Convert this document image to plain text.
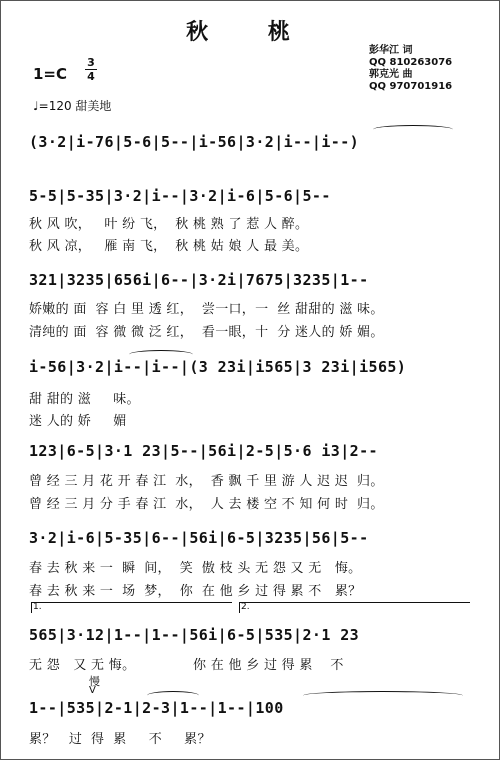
秋 桃
彭华江 词
QQ 810263076
郭克光 曲
QQ 970701916
1=C
3
4
♩=120 甜美地
(3·2|i-76|5-6|5--|i-56|3·2|i--|i--)
5-5|5-35|3·2|i--|3·2|i-6|5-6|5--
秋 风 吹，   叶 纷 飞，  秋 桃 熟 了 惹 人 醉。
秋 风 凉，   雁 南 飞，  秋 桃 姑 娘 人 最 美。
321|3235|656i|6--|3·2i|7675|3235|1--
娇嫩的 面  容 白 里 透 红，  尝一口，一  丝 甜甜的 滋 味。
清纯的 面  容 微 微 泛 红，  看一眼，十  分 迷人的 娇 媚。
i-56|3·2|i--|i--|(3 23i|i565|3 23i|i565)
甜 甜的 滋     味。
迷 人的 娇     媚
123|6-5|3·1 23|5--|56i|2-5|5·6 i3|2--
曾 经 三 月 花 开 春 江  水，  香 飘 千 里 游 人 迟 迟  归。
曾 经 三 月 分 手 春 江  水，  人 去 楼 空 不 知 何 时  归。
3·2|i-6|5-35|6--|56i|6-5|3235|56|5--
春 去 秋 来 一  瞬  间，  笑  傲 枝 头 无 怨 又 无   悔。
春 去 秋 来 一  场  梦，  你  在 他 乡 过 得 累 不   累？
1.	2.
565|3·12|1--|1--|56i|6-5|535|2·1 23
无 怨   又 无 悔。             你 在 他 乡 过 得 累    不
V
慢
1--|535|2-1|2-3|1--|1--|100
累？   过  得  累     不     累？
